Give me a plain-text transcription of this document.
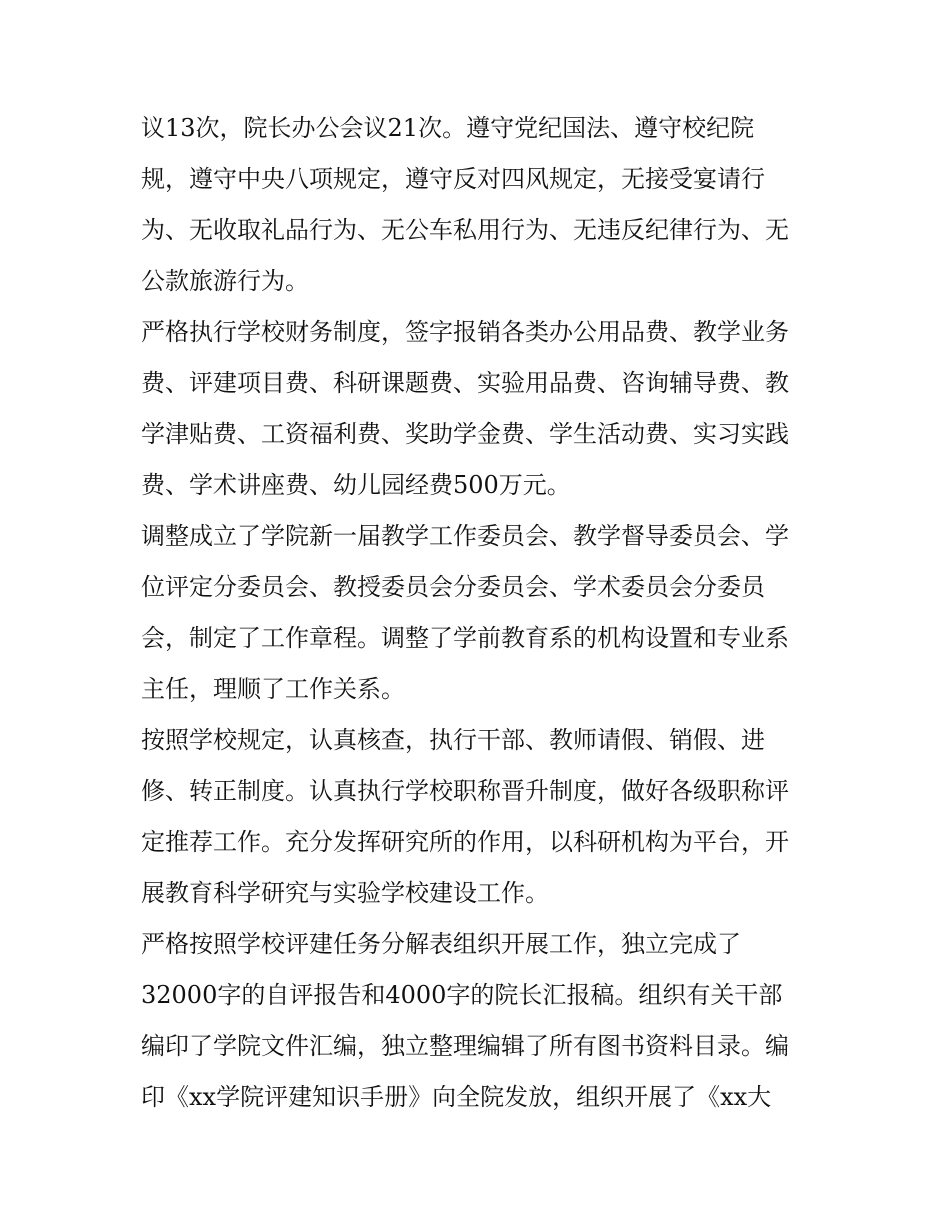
议13次，院长办公会议21次。遵守党纪国法、遵守校纪院
规，遵守中央八项规定，遵守反对四风规定，无接受宴请行
为、无收取礼品行为、无公车私用行为、无违反纪律行为、无
公款旅游行为。
严格执行学校财务制度，签字报销各类办公用品费、教学业务
费、评建项目费、科研课题费、实验用品费、咨询辅导费、教
学津贴费、工资福利费、奖助学金费、学生活动费、实习实践
费、学术讲座费、幼儿园经费500万元。
调整成立了学院新一届教学工作委员会、教学督导委员会、学
位评定分委员会、教授委员会分委员会、学术委员会分委员
会，制定了工作章程。调整了学前教育系的机构设置和专业系
主任，理顺了工作关系。
按照学校规定，认真核查，执行干部、教师请假、销假、进
修、转正制度。认真执行学校职称晋升制度，做好各级职称评
定推荐工作。充分发挥研究所的作用，以科研机构为平台，开
展教育科学研究与实验学校建设工作。
严格按照学校评建任务分解表组织开展工作，独立完成了
32000字的自评报告和4000字的院长汇报稿。组织有关干部
编印了学院文件汇编，独立整理编辑了所有图书资料目录。编
印《xx学院评建知识手册》向全院发放，组织开展了《xx大
